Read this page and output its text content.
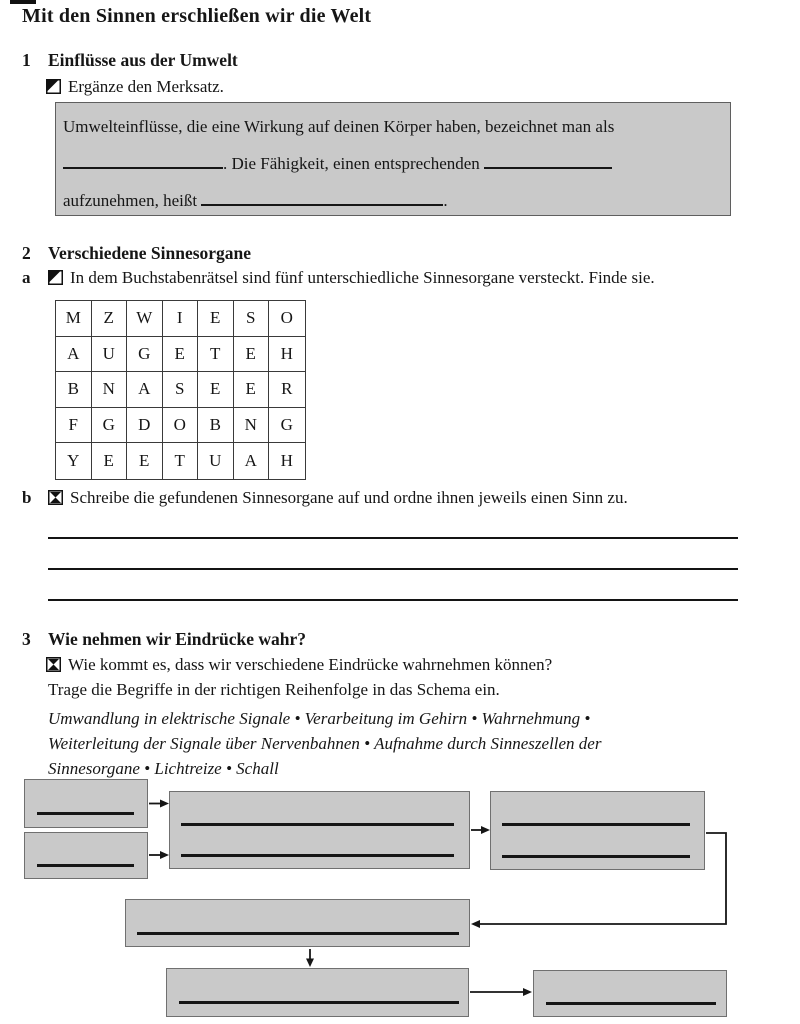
Mit den Sinnen erschließen wir die Welt
1 Einflüsse aus der Umwelt
Ergänze den Merksatz.
Umwelteinflüsse, die eine Wirkung auf deinen Körper haben, bezeichnet man als
. Die Fähigkeit, einen entsprechenden
aufzunehmen, heißt	.
2 Verschiedene Sinnesorgane
a In dem Buchstabenrätsel sind fünf unterschiedliche Sinnesorgane versteckt. Finde sie.
M	Z	W	I	E	S	O
A	U	G	E	T	E	H
B	N	A	S	E	E	R
F	G	D	O	B	N	G
Y	E	E	T	U	A	H
b Schreibe die gefundenen Sinnesorgane auf und ordne ihnen jeweils einen Sinn zu.
3 Wie nehmen wir Eindrücke wahr?
Wie kommt es, dass wir verschiedene Eindrücke wahrnehmen können?
Trage die Begriffe in der richtigen Reihenfolge in das Schema ein.
Umwandlung in elektrische Signale • Verarbeitung im Gehirn • Wahrnehmung •
Weiterleitung der Signale über Nervenbahnen • Aufnahme durch Sinneszellen der
Sinnesorgane • Lichtreize • Schall
